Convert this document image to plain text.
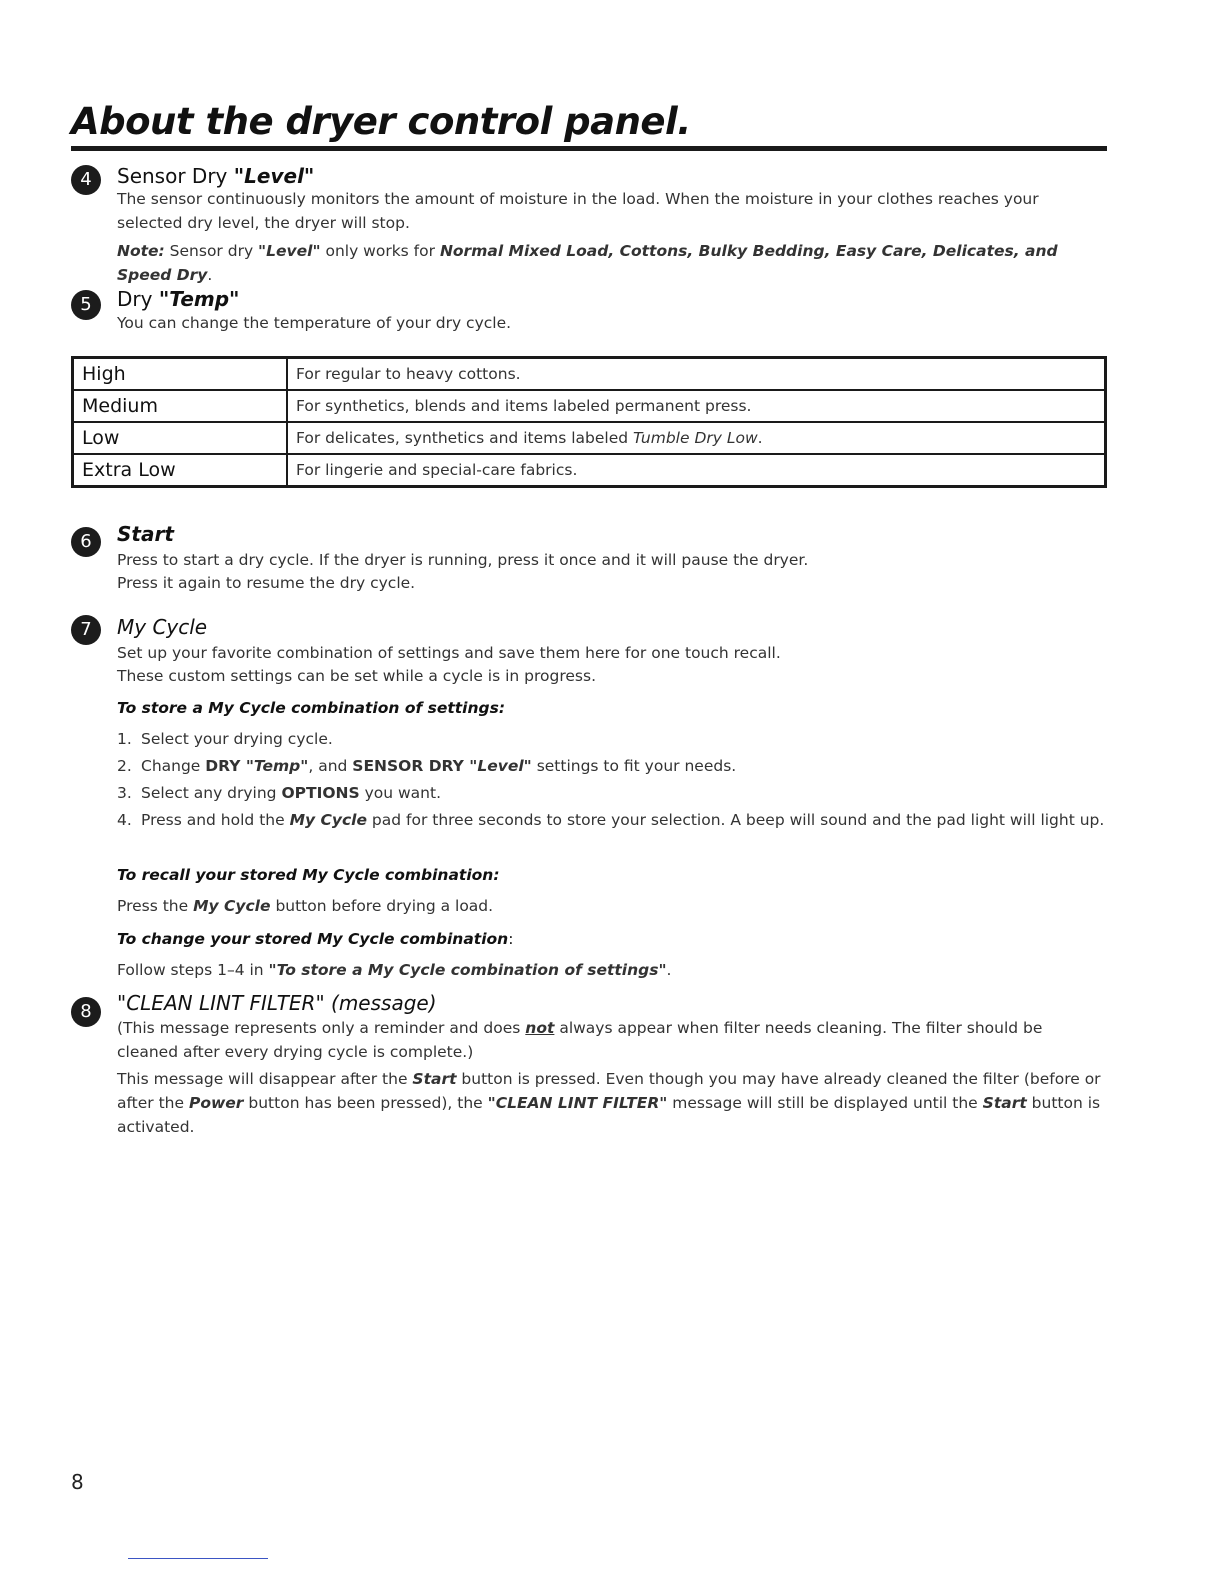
About the dryer control panel.
4	Sensor Dry "Level"

The sensor continuously monitors the amount of moisture in the load. When the moisture in your clothes reaches your selected dry level, the dryer will stop.

Note: Sensor dry "Level" only works for Normal Mixed Load, Cottons, Bulky Bedding, Easy Care, Delicates, and Speed Dry.

5	Dry "Temp"

You can change the temperature of your dry cycle.

High	For regular to heavy cottons.
Medium	For synthetics, blends and items labeled permanent press.
Low	For delicates, synthetics and items labeled Tumble Dry Low.
Extra Low	For lingerie and special-care fabrics.
6	Start

Press to start a dry cycle. If the dryer is running, press it once and it will pause the dryer.

Press it again to resume the dry cycle.

7	My Cycle

Set up your favorite combination of settings and save them here for one touch recall.

These custom settings can be set while a cycle is in progress.

To store a My Cycle combination of settings:

1. Select your drying cycle.
2. Change DRY "Temp", and SENSOR DRY "Level" settings to fit your needs.
3. Select any drying OPTIONS you want.
4. Press and hold the My Cycle pad for three seconds to store your selection. A beep will sound and the pad light will light up.

To recall your stored My Cycle combination:

Press the My Cycle button before drying a load.

To change your stored My Cycle combination:

Follow steps 1–4 in "To store a My Cycle combination of settings".

8	"CLEAN LINT FILTER" (message)

(This message represents only a reminder and does not always appear when filter needs cleaning. The filter should be cleaned after every drying cycle is complete.)

This message will disappear after the Start button is pressed. Even though you may have already cleaned the filter (before or after the Power button has been pressed), the "CLEAN LINT FILTER" message will still be displayed until the Start button is activated.

8
